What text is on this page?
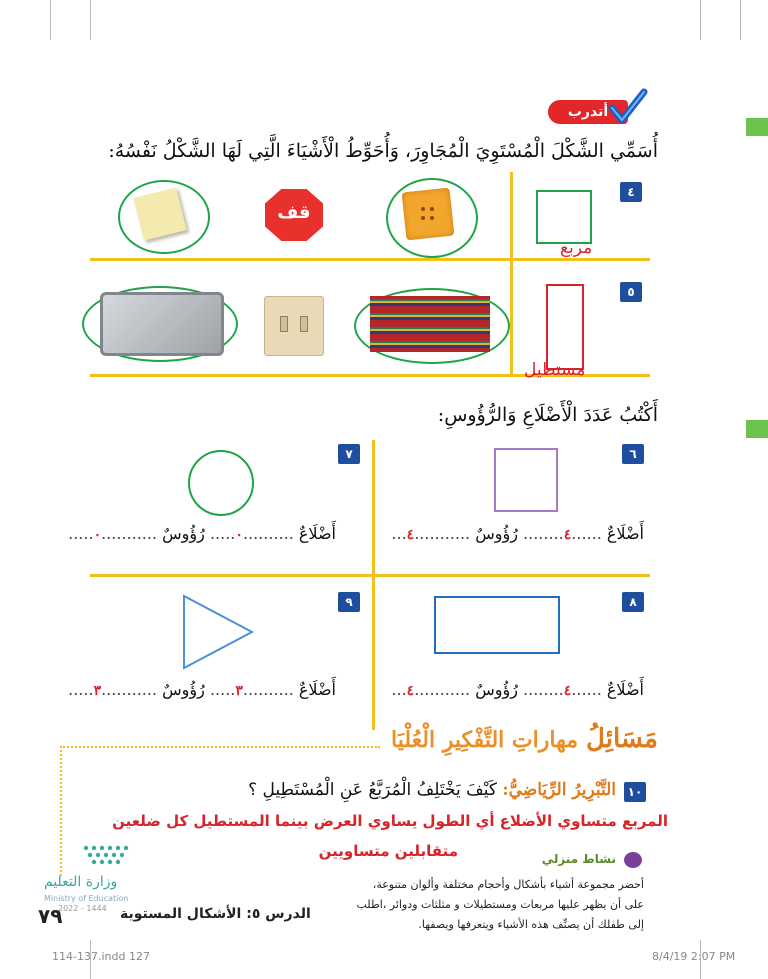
أتدرب
أُسَمِّي الشَّكْلَ الْمُسْتَوِيَ الْمُجَاوِرَ، وَأُحَوِّطُ الْأَشْيَاءَ الَّتِي لَهَا الشَّكْلُ نَفْسُهُ:
٤
مربع
قف
٥
مستطيل
أَكْتُبُ عَدَدَ الْأَضْلَاعِ وَالرُّؤُوسِ:
٧
أَضْلَاعٌ ..........٠..... رُؤُوسٌ ...........٠.....
٦
أَضْلَاعٌ ......٤........ رُؤُوسٌ ...........٤...
٩
أَضْلَاعٌ ..........٣..... رُؤُوسٌ ...........٣.....
٨
أَضْلَاعٌ ......٤........ رُؤُوسٌ ...........٤...
مَسَائِلُ
مهاراتِ التَّفْكِيرِ الْعُلْيَا
١٠
التَّبْرِيرُ الرِّيَاضِيُّ: كَيْفَ يَخْتَلِفُ الْمُرَبَّعُ عَنِ الْمُسْتَطِيلِ ؟
المربع متساوي الأضلاع أي الطول يساوي العرض بينما المستطيل كل ضلعين
متقابلين متساويين	نشاط منزلي
أحضر مجموعة أشياء بأشكال وأحجام مختلفة وألوان متنوعة،
على أن يظهر عليها مربعات ومستطيلات و مثلثات ودوائر ،اطلب
إلى طفلك أن يصنِّف هذه الأشياء ويتعرفها ويصفها.
وزارة التعليم
Ministry of Education
2022 - 1444
٧٩	الدرس ٥: الأشكال المستوية
114-137.indd 127	8/4/19 2:07 PM
